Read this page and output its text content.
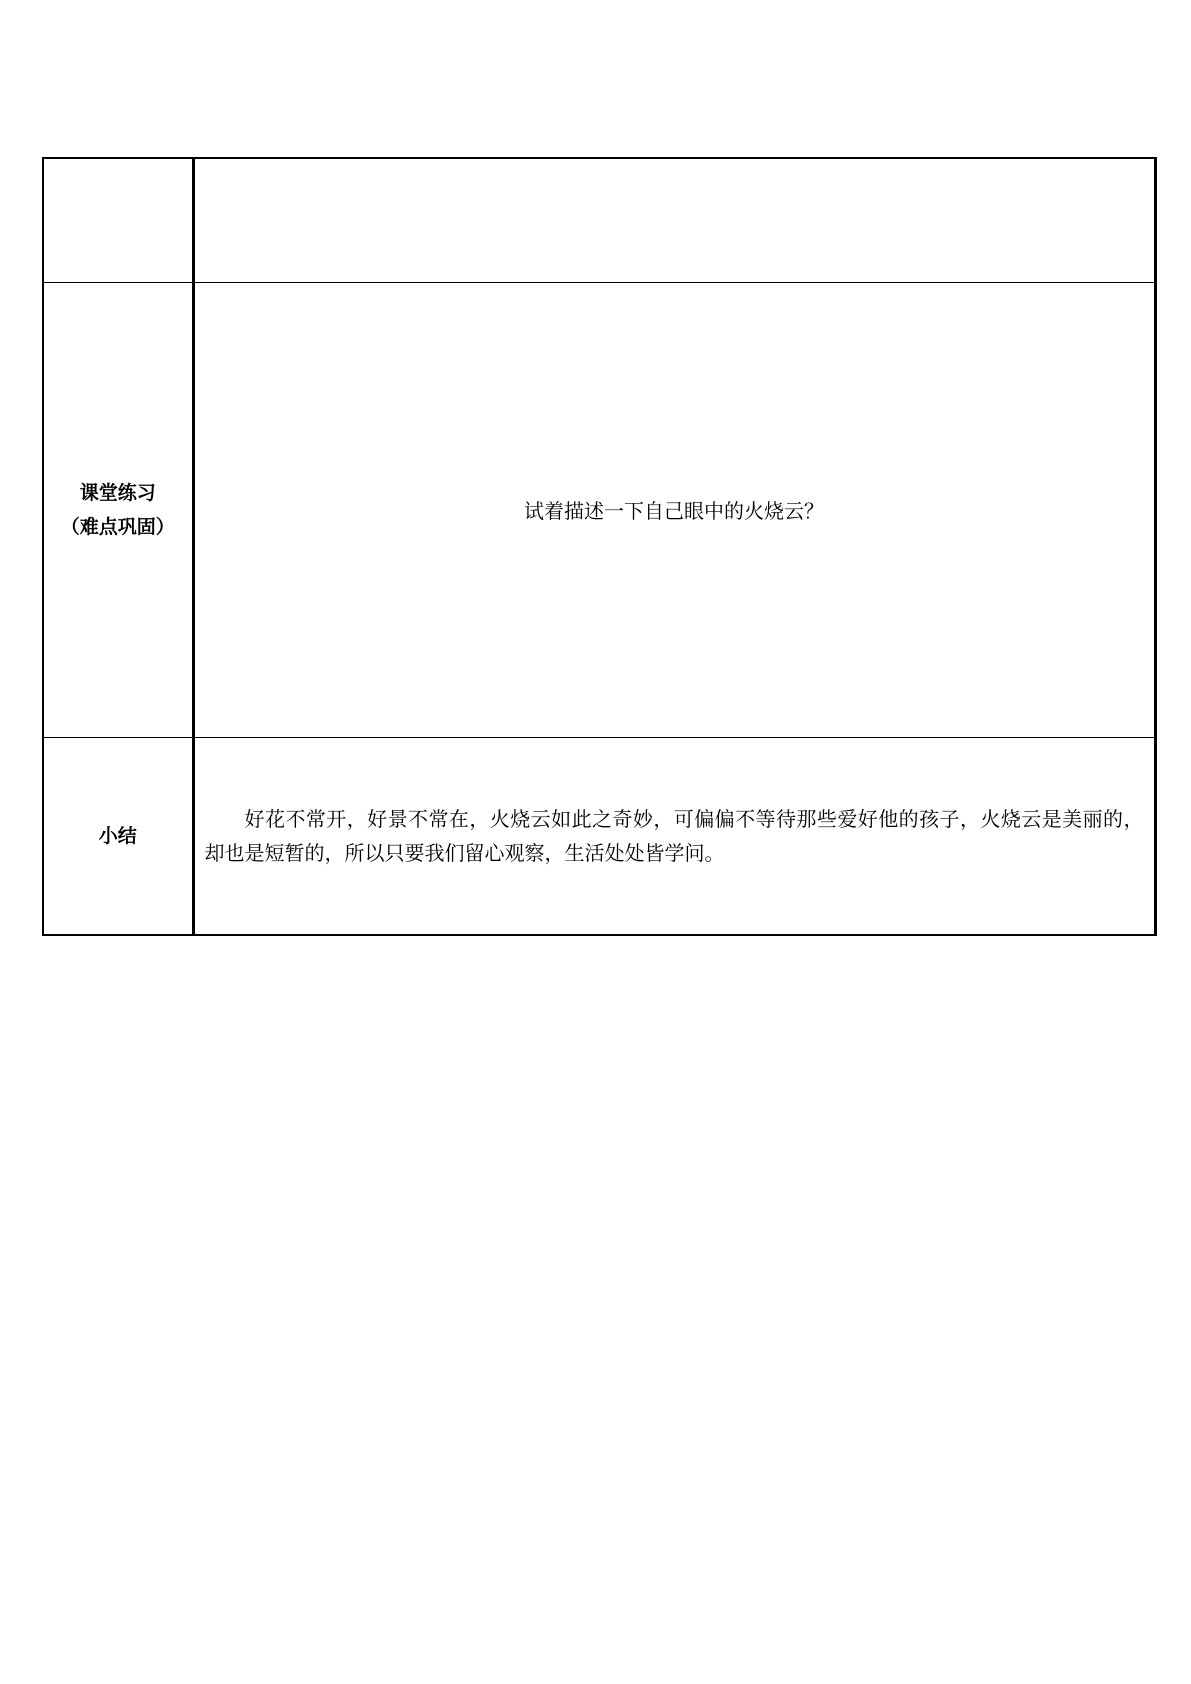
课堂练习
（难点巩固）	试着描述一下自己眼中的火烧云？
小结	好花不常开，好景不常在，火烧云如此之奇妙，可偏偏不等待那些爱好他的孩子，火烧云是美丽的，却也是短暂的，所以只要我们留心观察，生活处处皆学问。
